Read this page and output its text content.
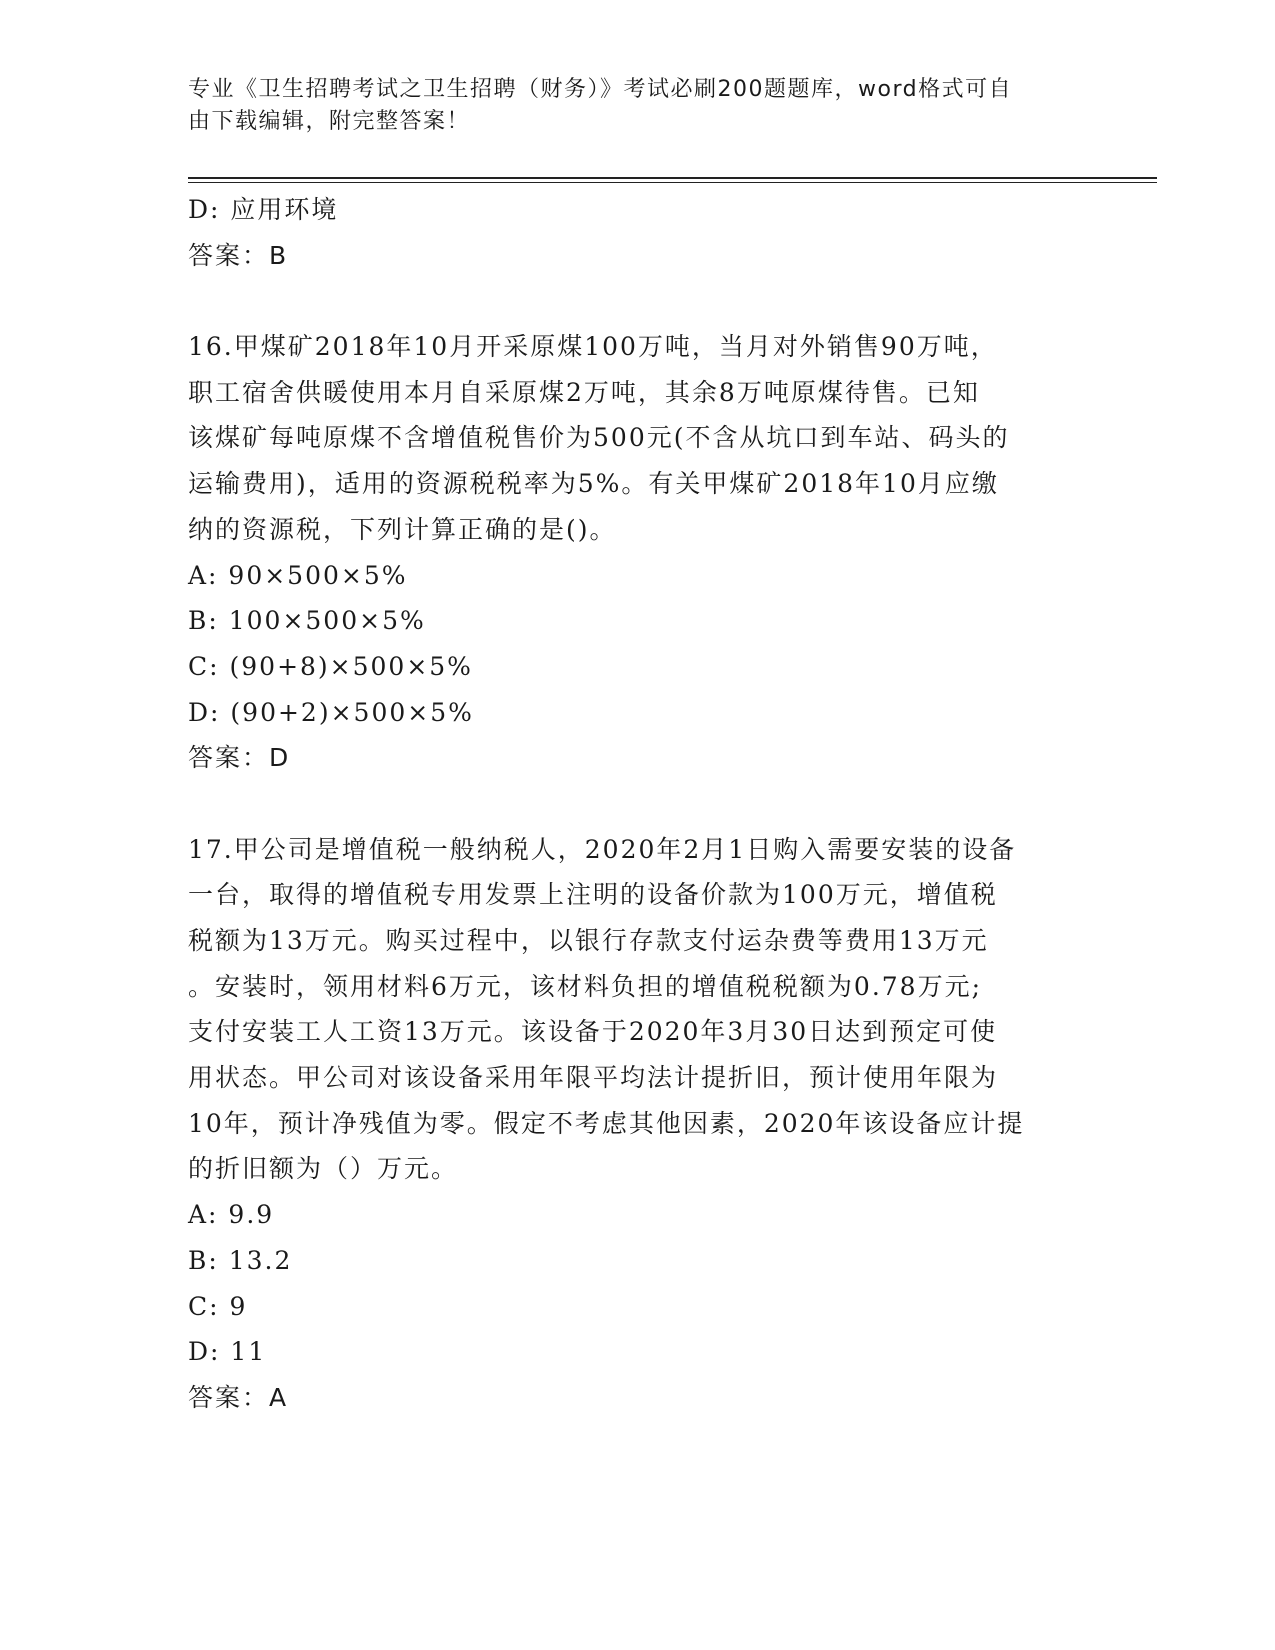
专业《卫生招聘考试之卫生招聘（财务）》考试必刷200题题库，word格式可自
由下载编辑，附完整答案！
D: 应用环境
答案：B
16.甲煤矿2018年10月开采原煤100万吨，当月对外销售90万吨，
职工宿舍供暖使用本月自采原煤2万吨，其余8万吨原煤待售。已知
该煤矿每吨原煤不含增值税售价为500元(不含从坑口到车站、码头的
运输费用)，适用的资源税税率为5%。有关甲煤矿2018年10月应缴
纳的资源税，下列计算正确的是()。
A: 90×500×5%
B: 100×500×5%
C: (90+8)×500×5%
D: (90+2)×500×5%
答案：D
17.甲公司是增值税一般纳税人，2020年2月1日购入需要安装的设备
一台，取得的增值税专用发票上注明的设备价款为100万元，增值税
税额为13万元。购买过程中，以银行存款支付运杂费等费用13万元
。安装时，领用材料6万元，该材料负担的增值税税额为0.78万元;
支付安装工人工资13万元。该设备于2020年3月30日达到预定可使
用状态。甲公司对该设备采用年限平均法计提折旧，预计使用年限为
10年，预计净残值为零。假定不考虑其他因素，2020年该设备应计提
的折旧额为（）万元。
A: 9.9
B: 13.2
C: 9
D: 11
答案：A
